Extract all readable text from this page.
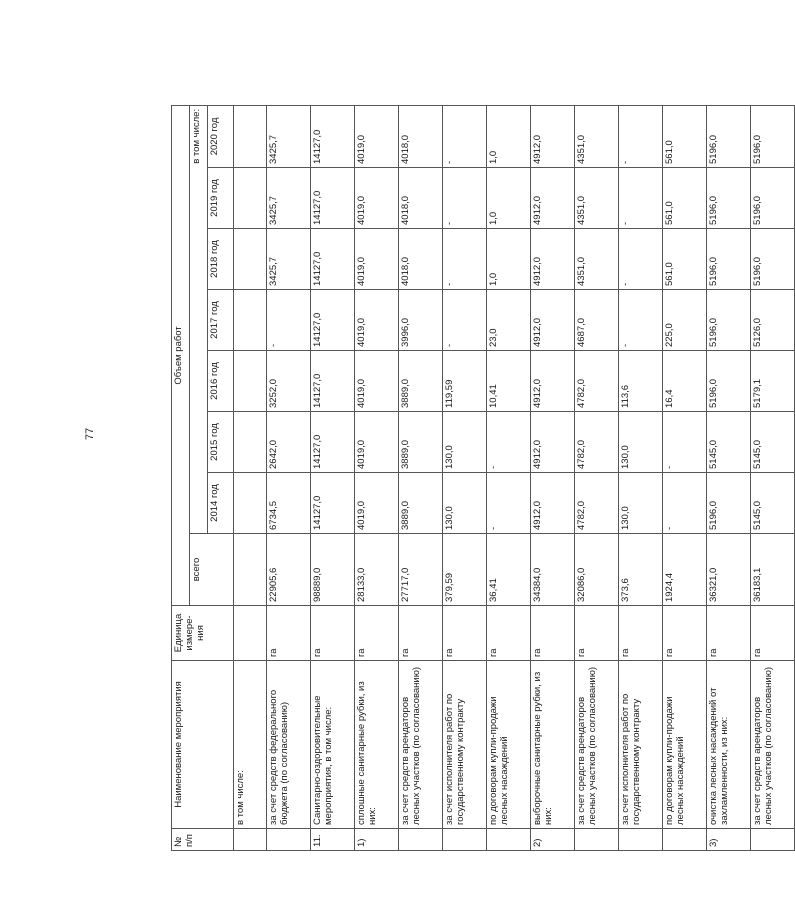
77
№ п/п	Наименование мероприятия	Единица измере-ния	Объем работ							
			всего	в том числе:						
				2014 год	2015 год	2016 год	2017 год	2018 год	2019 год	2020 год
	в том числе:									
	за счет средств федерального бюджета (по согласованию)	га	22905,6	6734,5	2642,0	3252,0	-	3425,7	3425,7	3425,7
11.	Санитарно-оздоровительные мероприятия, в том числе:	га	98889,0	14127,0	14127,0	14127,0	14127,0	14127,0	14127,0	14127,0
1)	сплошные санитарные рубки, из них:	га	28133,0	4019,0	4019,0	4019,0	4019,0	4019,0	4019,0	4019,0
	за счет средств арендаторов лесных участков (по согласованию)	га	27717,0	3889,0	3889,0	3889,0	3996,0	4018,0	4018,0	4018,0
	за счет исполнителя работ по государственному контракту	га	379,59	130,0	130,0	119,59	-	-	-	-
	по договорам купли-продажи лесных насаждений	га	36,41	-	-	10,41	23,0	1,0	1,0	1,0
2)	выборочные санитарные рубки, из них:	га	34384,0	4912,0	4912,0	4912,0	4912,0	4912,0	4912,0	4912,0
	за счет средств арендаторов лесных участков (по согласованию)	га	32086,0	4782,0	4782,0	4782,0	4687,0	4351,0	4351,0	4351,0
	за счет исполнителя работ по государственному контракту	га	373,6	130,0	130,0	113,6	-	-	-	-
	по договорам купли-продажи лесных насаждений	га	1924,4	-	-	16,4	225,0	561,0	561,0	561,0
3)	очистка лесных насаждений от захламленности, из них:	га	36321,0	5196,0	5145,0	5196,0	5196,0	5196,0	5196,0	5196,0
	за счет средств арендаторов лесных участков (по согласованию)	га	36183,1	5145,0	5145,0	5179,1	5126,0	5196,0	5196,0	5196,0
